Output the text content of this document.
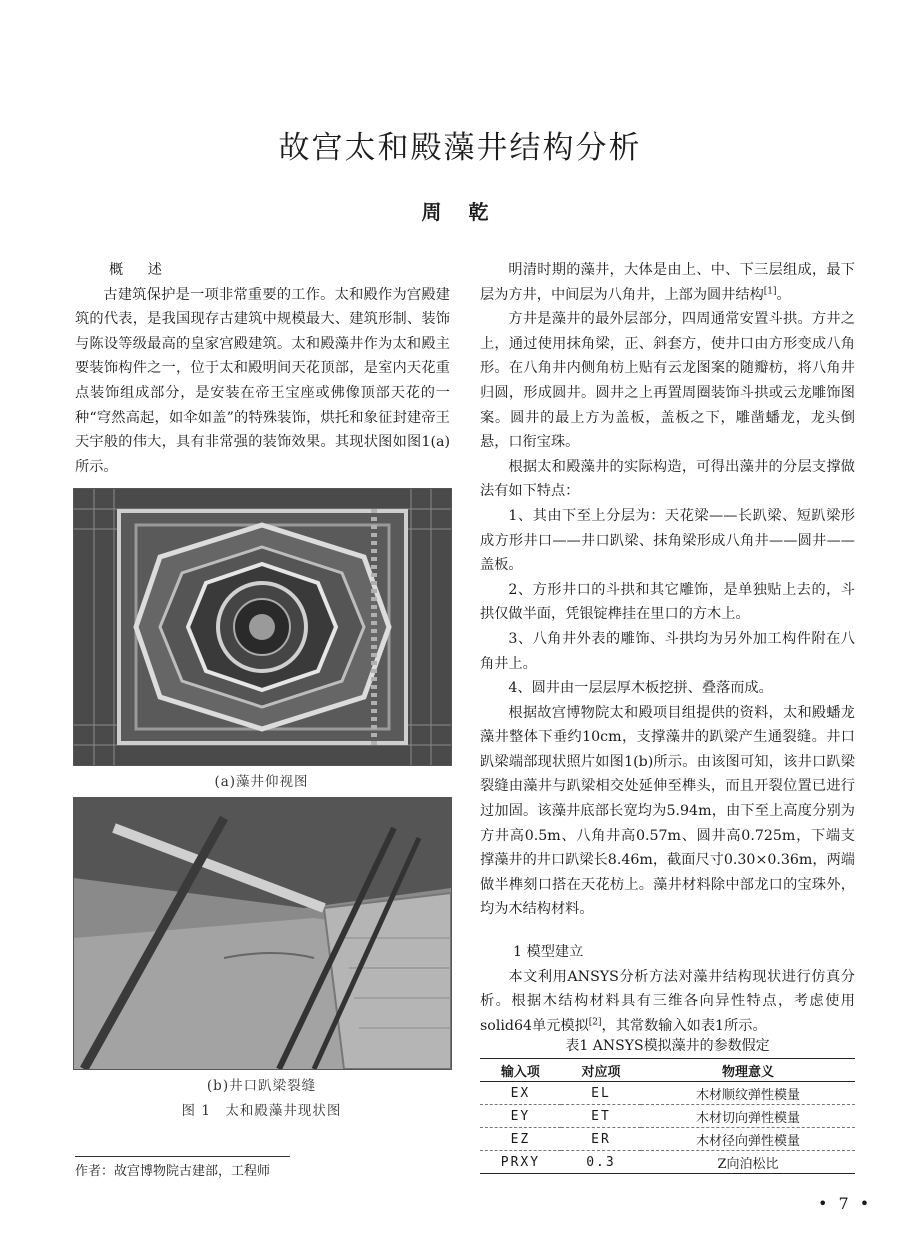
故宫太和殿藻井结构分析
周 乾

概 述

古建筑保护是一项非常重要的工作。太和殿作为宫殿建筑的代表，是我国现存古建筑中规模最大、建筑形制、装饰与陈设等级最高的皇家宫殿建筑。太和殿藻井作为太和殿主要装饰构件之一，位于太和殿明间天花顶部，是室内天花重点装饰组成部分，是安装在帝王宝座或佛像顶部天花的一种“穹然高起，如伞如盖”的特殊装饰，烘托和象征封建帝王天宇般的伟大，具有非常强的装饰效果。其现状图如图1(a)所示。

(a)藻井仰视图
(b)井口趴梁裂缝
图 1　太和殿藻井现状图
作者：故宫博物院古建部，工程师

明清时期的藻井，大体是由上、中、下三层组成，最下层为方井，中间层为八角井，上部为圆井结构[1]。

方井是藻井的最外层部分，四周通常安置斗拱。方井之上，通过使用抹角梁，正、斜套方，使井口由方形变成八角形。在八角井内侧角枋上贴有云龙图案的随瓣枋，将八角井归圆，形成圆井。圆井之上再置周圈装饰斗拱或云龙雕饰图案。圆井的最上方为盖板，盖板之下，雕凿蟠龙，龙头倒悬，口衔宝珠。

根据太和殿藻井的实际构造，可得出藻井的分层支撑做法有如下特点：

1、其由下至上分层为：天花梁——长趴梁、短趴梁形成方形井口——井口趴梁、抹角梁形成八角井——圆井——盖板。

2、方形井口的斗拱和其它雕饰，是单独贴上去的，斗拱仅做半面，凭银锭榫挂在里口的方木上。

3、八角井外表的雕饰、斗拱均为另外加工构件附在八角井上。

4、圆井由一层层厚木板挖拼、叠落而成。

根据故宫博物院太和殿项目组提供的资料，太和殿蟠龙藻井整体下垂约10cm，支撑藻井的趴梁产生通裂缝。井口趴梁端部现状照片如图1(b)所示。由该图可知，该井口趴梁裂缝由藻井与趴梁相交处延伸至榫头，而且开裂位置已进行过加固。该藻井底部长宽均为5.94m，由下至上高度分别为方井高0.5m、八角井高0.57m、圆井高0.725m，下端支撑藻井的井口趴梁长8.46m，截面尺寸0.30×0.36m，两端做半榫刻口搭在天花枋上。藻井材料除中部龙口的宝珠外，均为木结构材料。

1 模型建立

本文利用ANSYS分析方法对藻井结构现状进行仿真分析。根据木结构材料具有三维各向异性特点，考虑使用solid64单元模拟[2]，其常数输入如表1所示。

表1 ANSYS模拟藻井的参数假定
输入项	对应项	物理意义
EX	EL	木材顺纹弹性模量
EY	ET	木材切向弹性模量
EZ	ER	木材径向弹性模量
PRXY	0.3	Z向泊松比
• 7 •
